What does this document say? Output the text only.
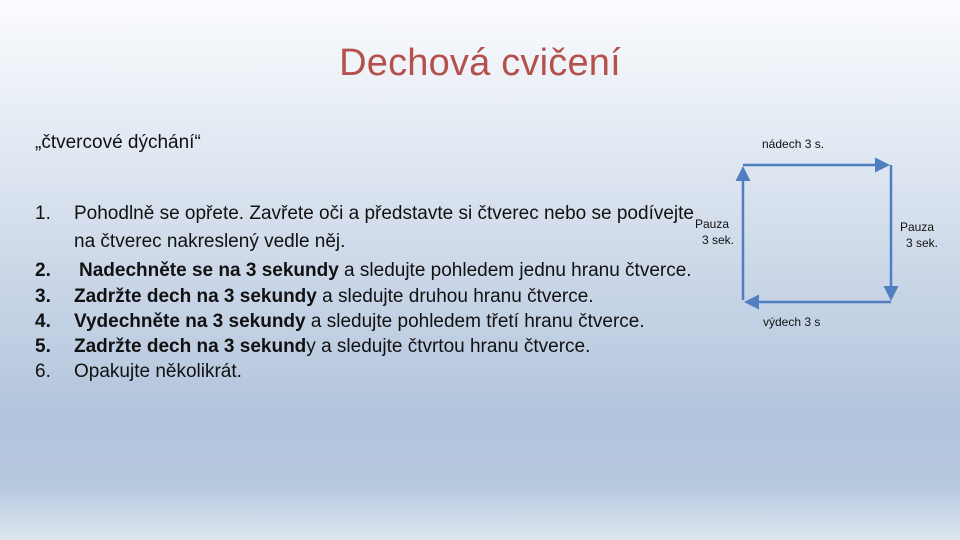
Dechová cvičení
„čtvercové dýchání“
1. Pohodlně se opřete. Zavřete oči a představte si čtverec nebo se podívejte na čtverec nakreslený vedle něj.
2. Nadechněte se na 3 sekundy a sledujte pohledem jednu hranu čtverce.
3. Zadržte dech na 3 sekundy a sledujte druhou hranu čtverce.
4. Vydechněte na 3 sekundy a sledujte pohledem třetí hranu čtverce.
5. Zadržte dech na 3 sekundy a sledujte čtvrtou hranu čtverce.
6. Opakujte několikrát.
nádech 3 s.
výdech 3 s
Pauza
3 sek.
Pauza
3 sek.
